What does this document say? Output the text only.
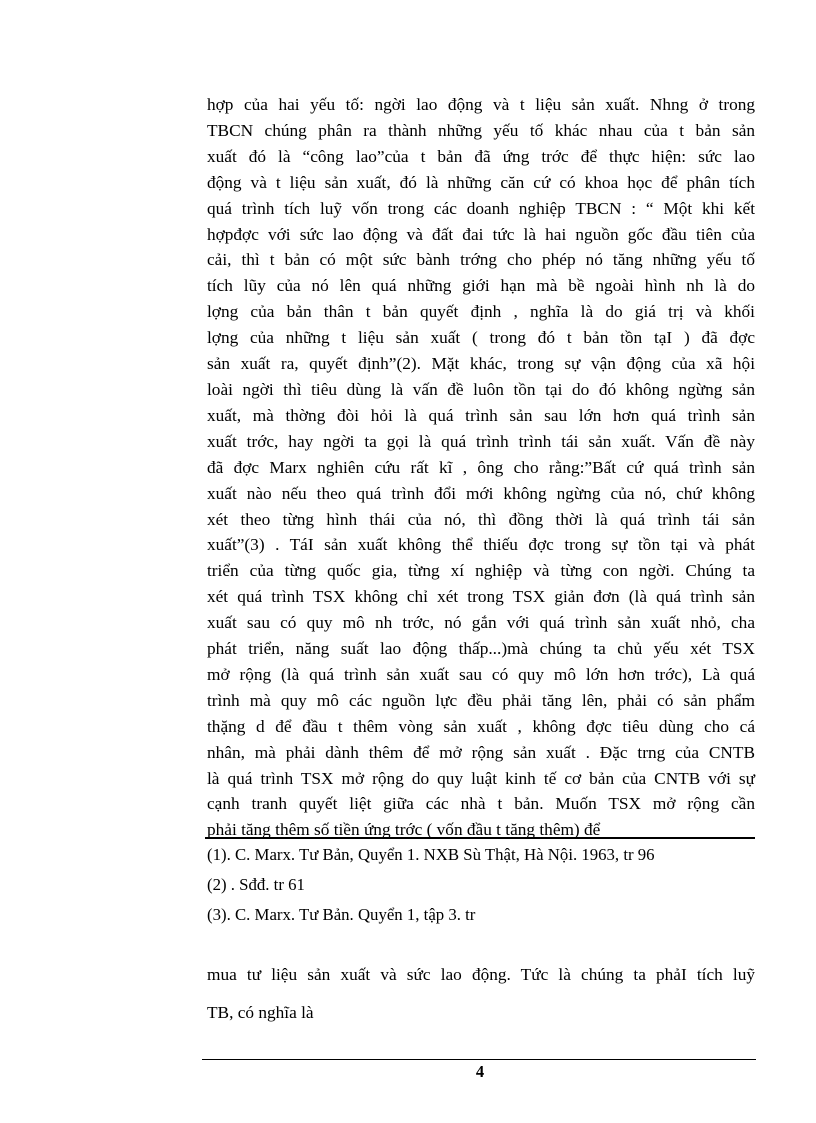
hợp của hai yếu tố: ngời lao động và t liệu sản xuất. Nhng ở trong
TBCN chúng phân ra thành những yếu tố khác nhau của t bản sản
xuất đó là “công lao”của t bản đã ứng trớc để thực hiện: sức lao
động và t liệu sản xuất, đó là những căn cứ có khoa học để phân tích
quá trình tích luỹ vốn trong các doanh nghiệp TBCN : “ Một khi kết
hợpđợc với sức lao động và đất đai tức là hai nguồn gốc đầu tiên của
cải, thì t bản có một sức bành trớng cho phép nó tăng những yếu tố
tích lũy của nó lên quá những giới hạn mà bề ngoài hình nh là do
lợng của bản thân t bản quyết định , nghĩa là do giá trị và khối
lợng của những t liệu sản xuất ( trong đó t bản tồn tạI ) đã đợc
sản xuất ra, quyết định”(2). Mặt khác, trong sự vận động của xã hội
loài ngời thì tiêu dùng là vấn đề luôn tồn tại do đó không ngừng sản
xuất, mà thờng đòi hỏi là quá trình sản sau lớn hơn quá trình sản
xuất trớc, hay ngời ta gọi là quá trình trình tái sản xuất. Vấn đề này
đã đợc Marx nghiên cứu rất kĩ , ông cho rằng:”Bất cứ quá trình sản
xuất nào nếu theo quá trình đổi mới không ngừng của nó, chứ không
xét theo từng hình thái của nó, thì đồng thời là quá trình tái sản
xuất”(3) . TáI sản xuất không thể thiếu đợc trong sự tồn tại và phát
triển của từng quốc gia, từng xí nghiệp và từng con ngời. Chúng ta
xét quá trình TSX không chỉ xét trong TSX giản đơn (là quá trình sản
xuất sau có quy mô nh trớc, nó gắn với quá trình sản xuất nhỏ, cha
phát triển, năng suất lao động thấp...)mà chúng ta chủ yếu xét TSX
mở rộng (là quá trình sản xuất sau có quy mô lớn hơn trớc), Là quá
trình mà quy mô các nguồn lực đều phải tăng lên, phải có sản phẩm
thặng d để đầu t thêm vòng sản xuất , không đợc tiêu dùng cho cá
nhân, mà phải dành thêm để mở rộng sản xuất . Đặc trng của CNTB
là quá trình TSX mở rộng do quy luật kinh tế cơ bản của CNTB với sự
cạnh tranh quyết liệt giữa các nhà t bản. Muốn TSX mở rộng cần
phải tăng thêm số tiền ứng trớc ( vốn đầu t tăng thêm) để
(1). C. Marx. Tư Bản, Quyển 1. NXB Sù Thật, Hà Nội. 1963, tr 96
(2) . Sđđ. tr 61
(3). C. Marx. Tư Bản. Quyển 1, tập 3. tr
mua tư liệu sản xuất và sức lao động. Tức là chúng ta phảI tích luỹ
TB, có nghĩa là
4
